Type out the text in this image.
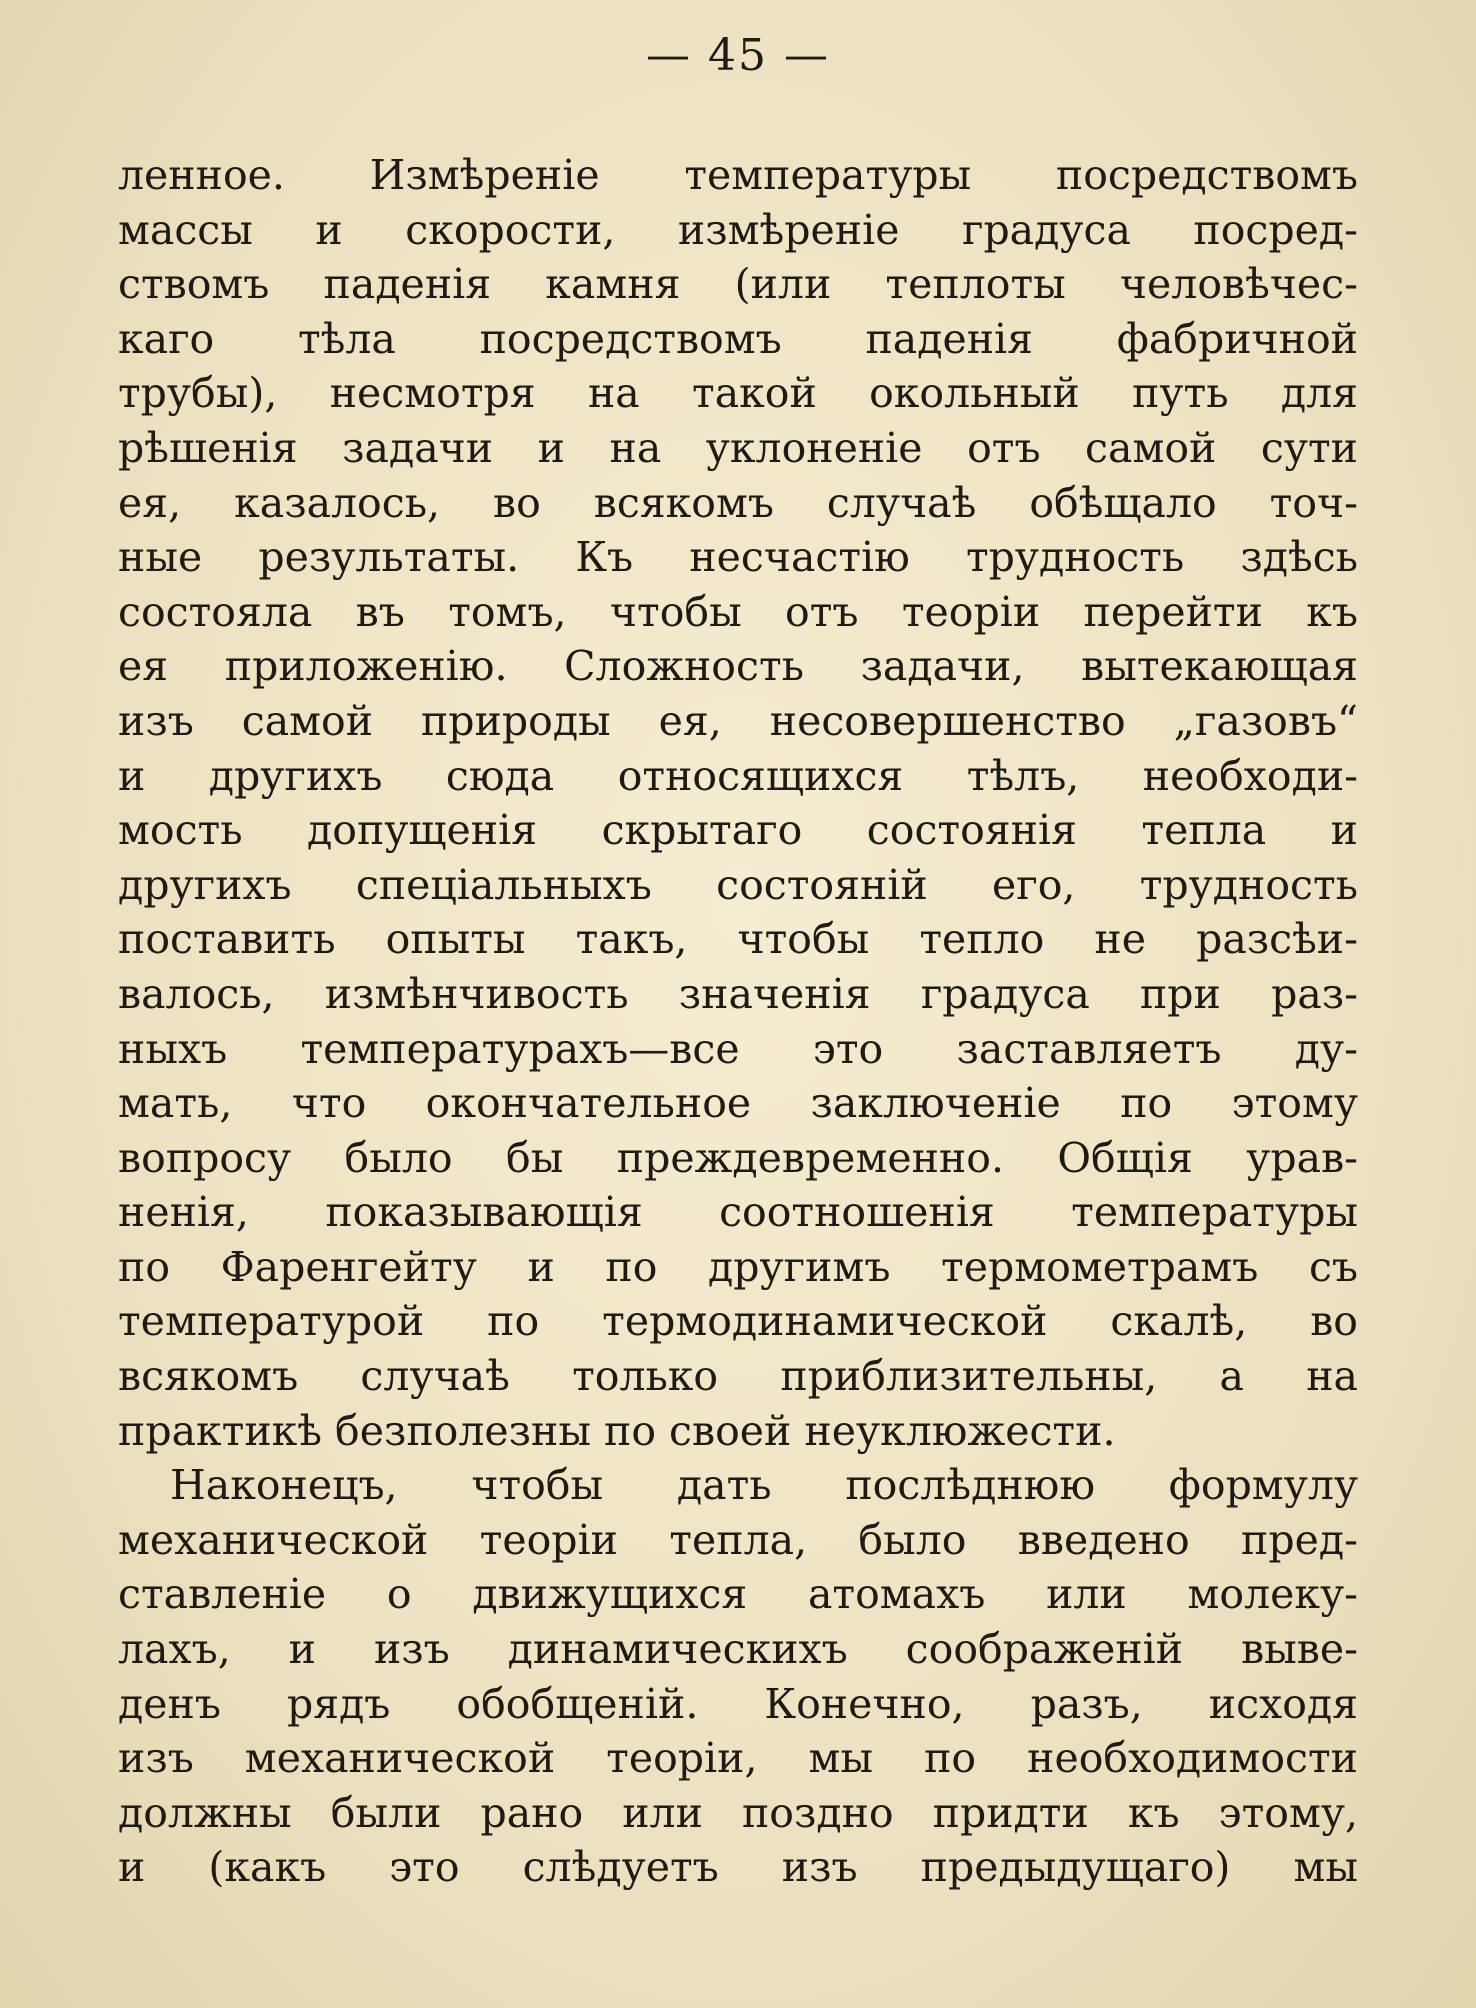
— 45 —
ленное. Измѣреніе температуры посредствомъ
массы и скорости, измѣреніе градуса посред-
ствомъ паденія камня (или теплоты человѣчес-
каго тѣла посредствомъ паденія фабричной
трубы), несмотря на такой окольный путь для
рѣшенія задачи и на уклоненіе отъ самой сути
ея, казалось, во всякомъ случаѣ обѣщало точ-
ные результаты. Къ несчастію трудность здѣсь
состояла въ томъ, чтобы отъ теоріи перейти къ
ея приложенію. Сложность задачи, вытекающая
изъ самой природы ея, несовершенство „газовъ“
и другихъ сюда относящихся тѣлъ, необходи-
мость допущенія скрытаго состоянія тепла и
другихъ спеціальныхъ состояній его, трудность
поставить опыты такъ, чтобы тепло не разсѣи-
валось, измѣнчивость значенія градуса при раз-
ныхъ температурахъ—все это заставляетъ ду-
мать, что окончательное заключеніе по этому
вопросу было бы преждевременно. Общія урав-
ненія, показывающія соотношенія температуры
по Фаренгейту и по другимъ термометрамъ съ
температурой по термодинамической скалѣ, во
всякомъ случаѣ только приблизительны, а на
практикѣ безполезны по своей неуклюжести.
Наконецъ, чтобы дать послѣднюю формулу
механической теоріи тепла, было введено пред-
ставленіе о движущихся атомахъ или молеку-
лахъ, и изъ динамическихъ соображеній выве-
денъ рядъ обобщеній. Конечно, разъ, исходя
изъ механической теоріи, мы по необходимости
должны были рано или поздно придти къ этому,
и (какъ это слѣдуетъ изъ предыдущаго) мы
